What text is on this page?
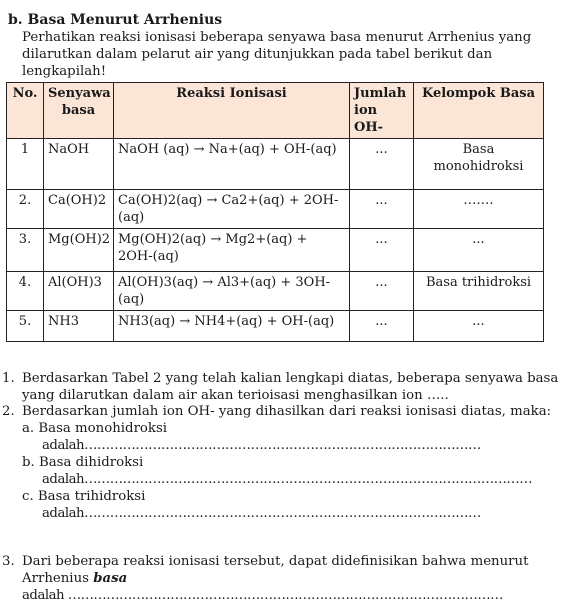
b. Basa Menurut Arrhenius
Perhatikan reaksi ionisasi beberapa senyawa basa menurut Arrhenius yang dilarutkan dalam pelarut air yang ditunjukkan pada tabel berikut dan lengkapilah!
No.	Senyawa basa	Reaksi Ionisasi	Jumlah ion OH-	Kelompok Basa
1	NaOH	NaOH (aq) → Na+(aq) + OH-(aq)	...	Basa monohidroksi
2.	Ca(OH)2	Ca(OH)2(aq) → Ca2+(aq) + 2OH-(aq)	...	…….
3.	Mg(OH)2	Mg(OH)2(aq) → Mg2+(aq) + 2OH-(aq)	...	...
4.	Al(OH)3	Al(OH)3(aq) → Al3+(aq) + 3OH-(aq)	...	Basa trihidroksi
5.	NH3	NH3(aq) → NH4+(aq) + OH-(aq)	...	...
1. Berdasarkan Tabel 2 yang telah kalian lengkapi diatas, beberapa senyawa basa yang dilarutkan dalam air akan terioisasi menghasilkan ion …..
2. Berdasarkan jumlah ion OH- yang dihasilkan dari reaksi ionisasi diatas, maka:
a. Basa monohidroksi
adalah…………………………………………………………………………………
b. Basa dihidroksi
adalah……………………………………………………………………………………………
c. Basa trihidroksi
adalah…………………………………………………………………………………
3. Dari beberapa reaksi ionisasi tersebut, dapat didefinisikan bahwa menurut
Arrhenius basa
adalah …………………………………………………………………………………………
